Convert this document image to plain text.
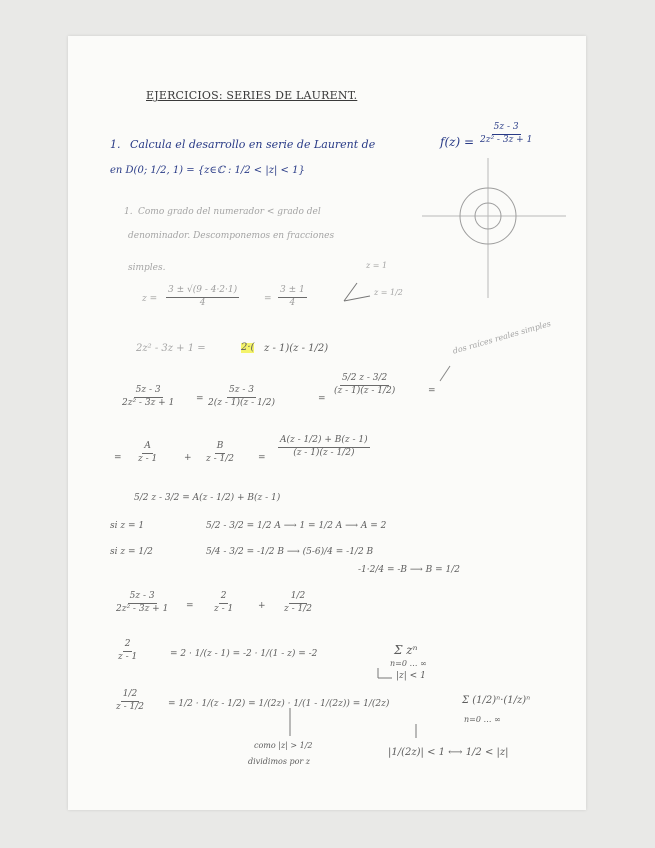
EJERCICIOS: SERIES DE LAURENT.
1. Calcula el desarrollo en serie de Laurent de	$f(z) = \frac{5z - 3}{\text{2z² - 3z + 1}}$
en D(0; 1/2, 1) = {z∈ℂ : 1/2 < |z| < 1}
1. Como grado del numerador < grado del
denominador. Descomponemos en fracciones
simples.
$z = \frac{3 \pm √(9 - 4\cdot 2\cdot 1)}{4}$	= $\frac{3 \pm 1}{4}$
z = 1
z = 1/2
2z² - 3z + 1 =	2·( z - 1)(z - 1/2)
$\frac{5z - 3}{\text{2z² - 3z + 1}} = \frac{5z - 3}{2(z - 1)(z - 1/2)}$	=
$\frac{5/2 z - 3/2}{(z - 1)(z - 1/2)}$	=
dos raíces reales simples
= $\frac{A}{z - 1}$	+ $\frac{B}{z - 1/2} = \frac{A(z - 1/2) + B(z - 1)}{(z - 1)(z - 1/2)}$
5/2 z - 3/2 = A(z - 1/2) + B(z - 1)
si z = 1	5/2 - 3/2 = 1/2 A ⟶ 1 = 1/2 A ⟶ A = 2
si z = 1/2	5/4 - 3/2 = -1/2 B ⟶ (5-6)/4 = -1/2 B
-1·2/4 = -B ⟶ B = 1/2
$\frac{5z - 3}{\text{2z² - 3z + 1}} = \frac{2}{z - 1}$	+ $\frac{1/2}{z - 1/2}$
$\frac{2}{z - 1}$	= 2 · 1/(z - 1) = -2 · 1/(1 - z) = -2	Σ zⁿ
n=0 … ∞
|z| < 1
$\frac{1/2}{z - 1/2} = 1/2 \cdot 1/(z - 1/2) = 1/(2z) \cdot 1/(1 - 1/(2z)) = 1/(2z)$	Σ (1/2)ⁿ·(1/z)ⁿ
n=0 … ∞
como |z| > 1/2
dividimos por z
|1/(2z)| < 1 ⟷ 1/2 < |z|
